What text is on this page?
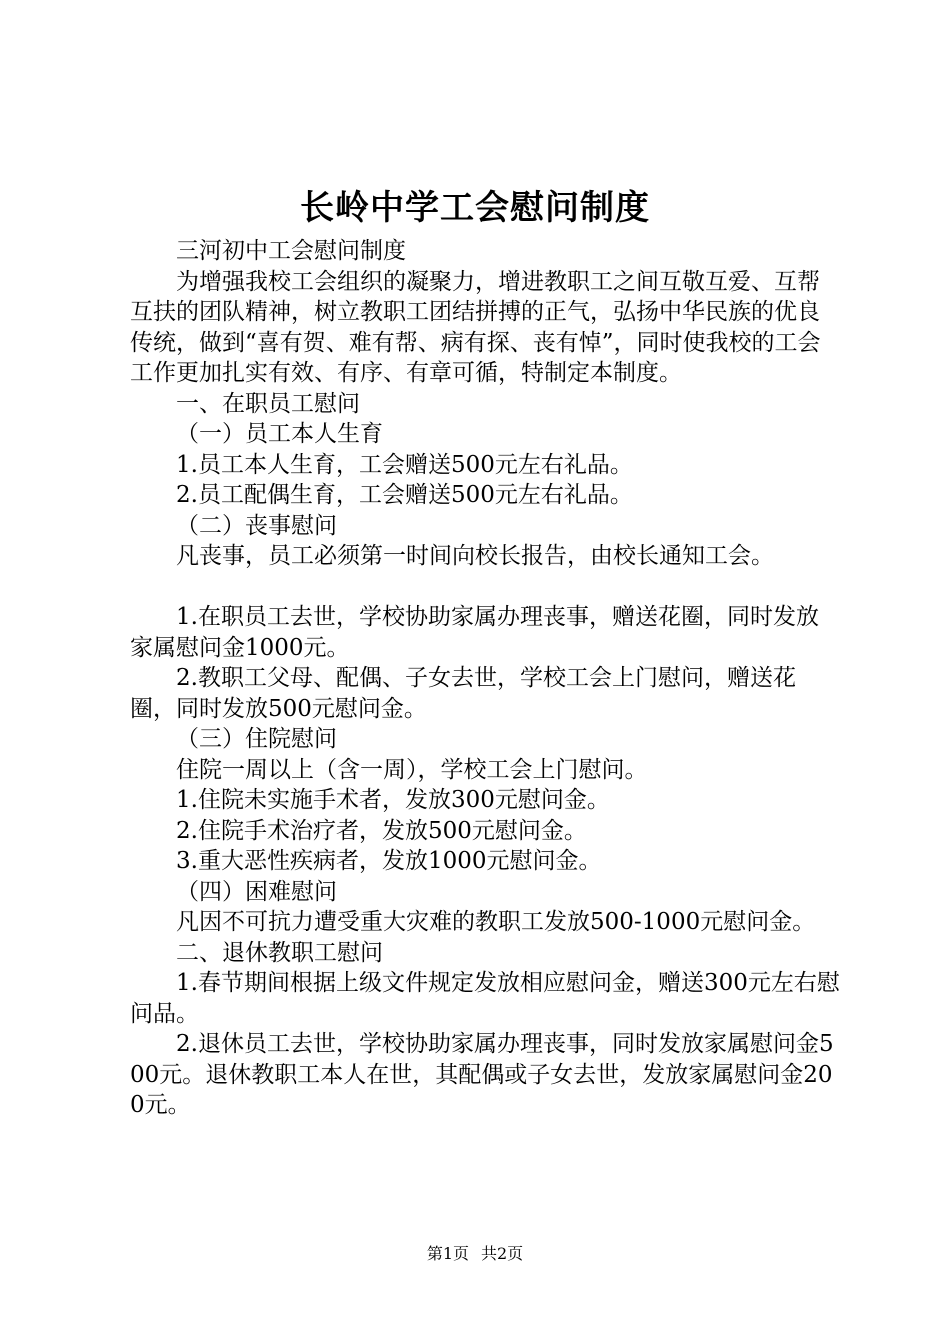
长岭中学工会慰问制度

三河初中工会慰问制度

为增强我校工会组织的凝聚力，增进教职工之间互敬互爱、互帮互扶的团队精神，树立教职工团结拼搏的正气，弘扬中华民族的优良传统，做到“喜有贺、难有帮、病有探、丧有悼”，同时使我校的工会工作更加扎实有效、有序、有章可循，特制定本制度。

一、在职员工慰问

（一）员工本人生育

1.员工本人生育，工会赠送500元左右礼品。

2.员工配偶生育，工会赠送500元左右礼品。

（二）丧事慰问

凡丧事，员工必须第一时间向校长报告，由校长通知工会。

1.在职员工去世，学校协助家属办理丧事，赠送花圈，同时发放家属慰问金1000元。

2.教职工父母、配偶、子女去世，学校工会上门慰问，赠送花圈，同时发放500元慰问金。

（三）住院慰问

住院一周以上（含一周），学校工会上门慰问。

1.住院未实施手术者，发放300元慰问金。

2.住院手术治疗者，发放500元慰问金。

3.重大恶性疾病者，发放1000元慰问金。

（四）困难慰问

凡因不可抗力遭受重大灾难的教职工发放500-1000元慰问金。

二、退休教职工慰问

1.春节期间根据上级文件规定发放相应慰问金，赠送300元左右慰问品。

2.退休员工去世，学校协助家属办理丧事，同时发放家属慰问金500元。退休教职工本人在世，其配偶或子女去世，发放家属慰问金200元。

第1页 共2页
